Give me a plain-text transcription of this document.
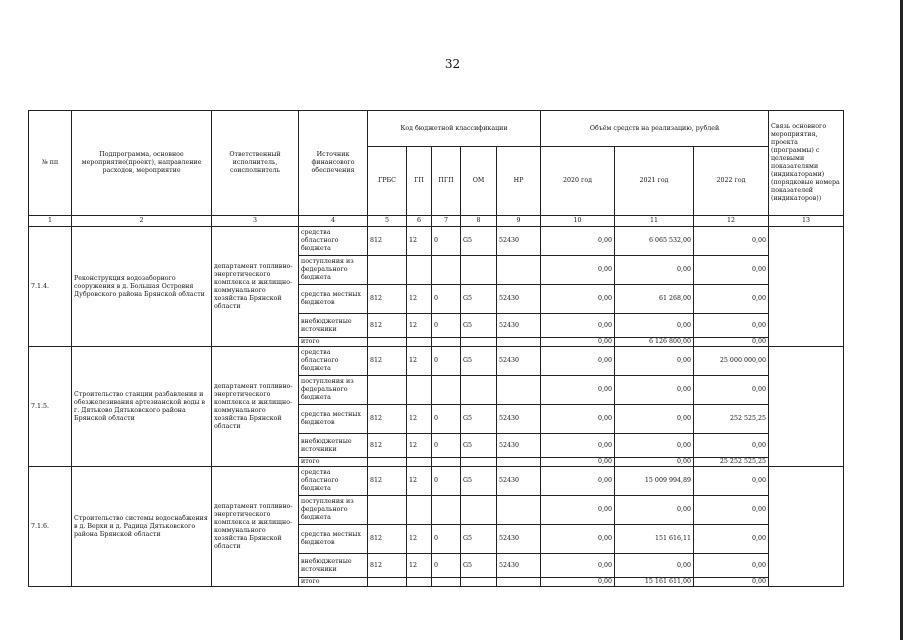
32
№ пп	Подпрограмма, основное мероприятие(проект), направление расходов, мероприятие	Ответственный исполнитель, соисполнитель	Источник финансового обеспечения	Код бюджетной классификации					Объём средств на реализацию, рублей			Связь основного мероприятия, проекта (программы) с целевыми показателями (индикаторами) (порядковые номера показателей (индикаторов))
				ГРБС	ГП	ПГП	ОМ	НР	2020 год	2021 год	2022 год	
1	2	3	4	5	6	7	8	9	10	11	12	13
7.1.4.	Реконструкция водозаборного сооружения в д. Большая Островня Дубровского района Брянской области	департамент топливно-энергетического комплекса и жилищно-коммунального хозяйства Брянской области	средства областного бюджета	812	12	0	G5	52430	0,00	6 065 532,00	0,00	
			поступления из федерального бюджета						0,00	0,00	0,00	
			средства местных бюджетов	812	12	0	G5	52430	0,00	61 268,00	0,00	
			внебюджетные источники	812	12	0	G5	52430	0,00	0,00	0,00	
			итого						0,00	6 126 800,00	0,00	
7.1.5.	Строительство станции разбавления и обезжелезивания артезианской воды в г. Дятьково Дятьковского района Брянской области	департамент топливно-энергетического комплекса и жилищно-коммунального хозяйства Брянской области	средства областного бюджета	812	12	0	G5	52430	0,00	0,00	25 000 000,00	
			поступления из федерального бюджета						0,00	0,00	0,00	
			средства местных бюджетов	812	12	0	G5	52430	0,00	0,00	252 525,25	
			внебюджетные источники	812	12	0	G5	52430	0,00	0,00	0,00	
			итого						0,00	0,00	25 252 525,25	
7.1.6.	Строительство системы водоснабжения в д. Верхи и д. Радица Дятьковского района Брянской области	департамент топливно-энергетического комплекса и жилищно-коммунального хозяйства Брянской области	средства областного бюджета	812	12	0	G5	52430	0,00	15 009 994,89	0,00	
			поступления из федерального бюджета						0,00	0,00	0,00	
			средства местных бюджетов	812	12	0	G5	52430	0,00	151 616,11	0,00	
			внебюджетные источники	812	12	0	G5	52430	0,00	0,00	0,00	
			итого						0,00	15 161 611,00	0,00	
